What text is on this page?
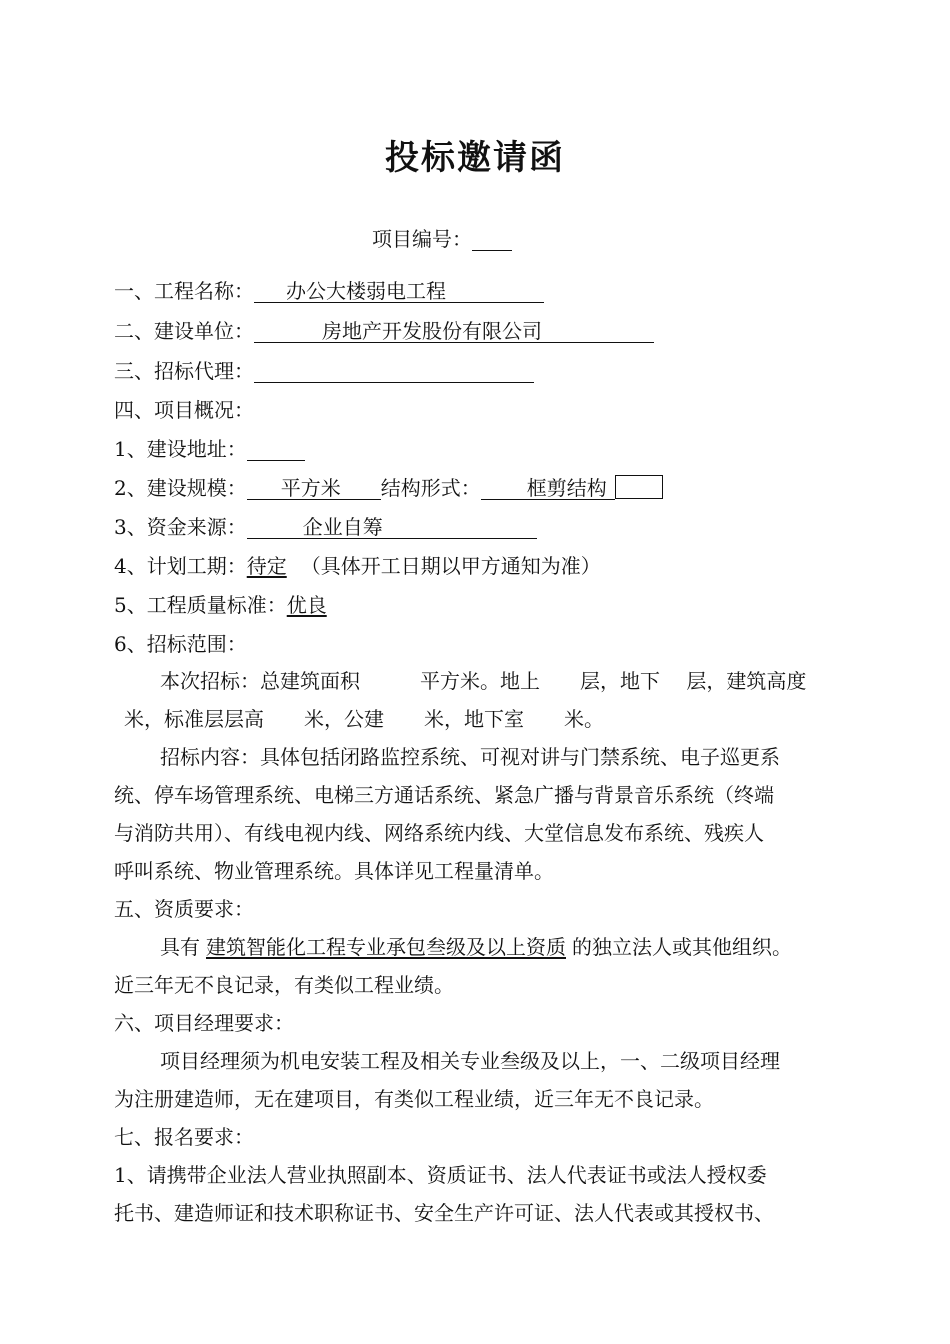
投标邀请函
项目编号：
一、工程名称： 办公大楼弱电工程
二、建设单位：	房地产开发股份有限公司
三、招标代理：
四、项目概况：
1、建设地址：
2、建设规模： 平方米 结构形式： 框剪结构
3、资金来源：	企业自筹
4、计划工期：待定 （具体开工日期以甲方通知为准）
5、工程质量标准：优良
6、招标范围：
本次招标：总建筑面积　　　平方米。地上　　层，地下　 层，建筑高度
米，标准层层高　　米，公建　　米，地下室　　米。
招标内容：具体包括闭路监控系统、可视对讲与门禁系统、电子巡更系
统、停车场管理系统、电梯三方通话系统、紧急广播与背景音乐系统（终端
与消防共用）、有线电视内线、网络系统内线、大堂信息发布系统、残疾人
呼叫系统、物业管理系统。具体详见工程量清单。
五、资质要求：
具有 建筑智能化工程专业承包叁级及以上资质 的独立法人或其他组织。
近三年无不良记录，有类似工程业绩。
六、项目经理要求：
项目经理须为机电安装工程及相关专业叁级及以上，一、二级项目经理
为注册建造师，无在建项目，有类似工程业绩，近三年无不良记录。
七、报名要求：
1、请携带企业法人营业执照副本、资质证书、法人代表证书或法人授权委
托书、建造师证和技术职称证书、安全生产许可证、法人代表或其授权书、
